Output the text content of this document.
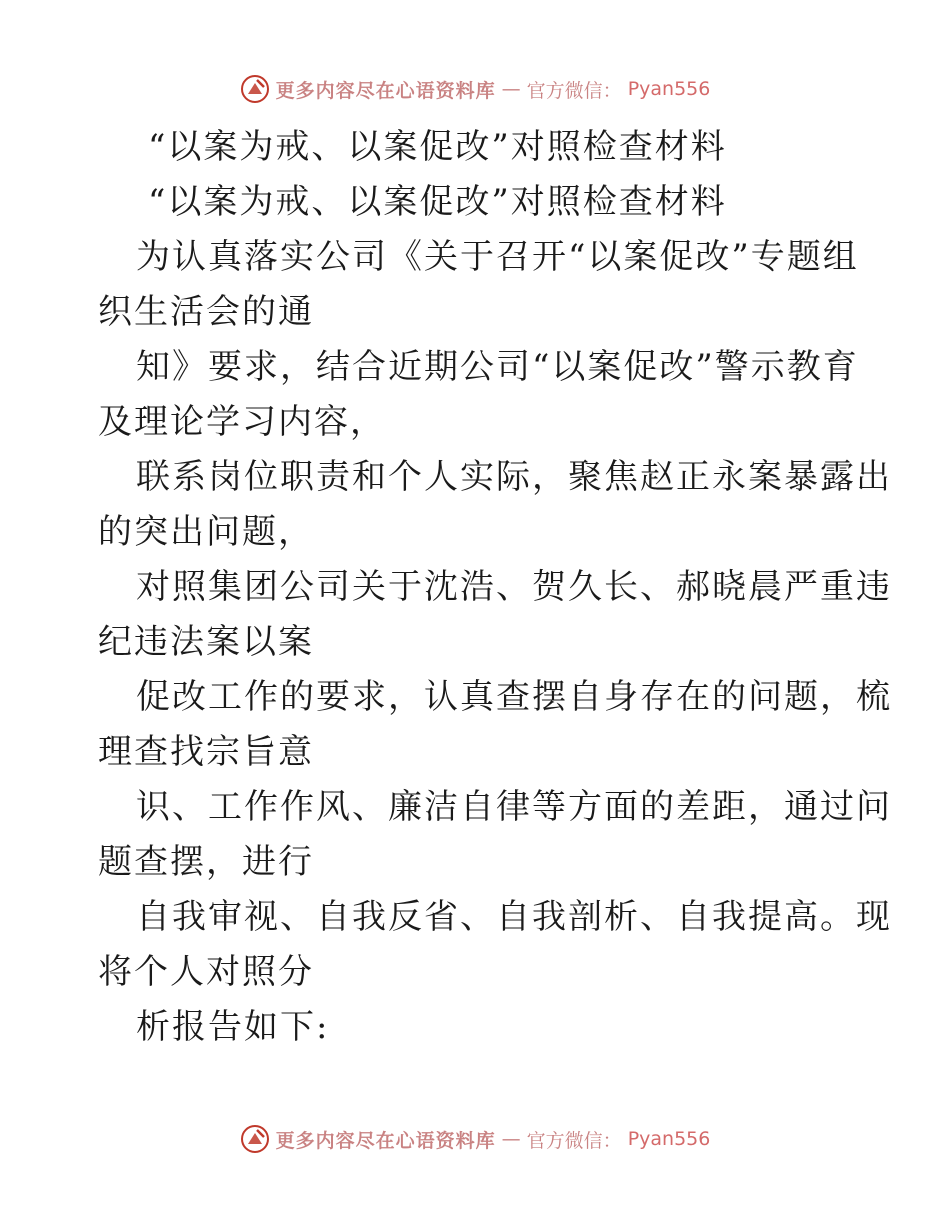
更多内容尽在心语资料库 — 官方微信： Pyan556
“以案为戒、以案促改”对照检查材料
“以案为戒、以案促改”对照检查材料
为认真落实公司《关于召开“以案促改”专题组
织生活会的通
知》要求，结合近期公司“以案促改”警示教育
及理论学习内容，
联系岗位职责和个人实际，聚焦赵正永案暴露出
的突出问题，
对照集团公司关于沈浩、贺久长、郝晓晨严重违
纪违法案以案
促改工作的要求，认真查摆自身存在的问题，梳
理查找宗旨意
识、工作作风、廉洁自律等方面的差距，通过问
题查摆，进行
自我审视、自我反省、自我剖析、自我提高。现
将个人对照分
析报告如下:
更多内容尽在心语资料库 — 官方微信： Pyan556
